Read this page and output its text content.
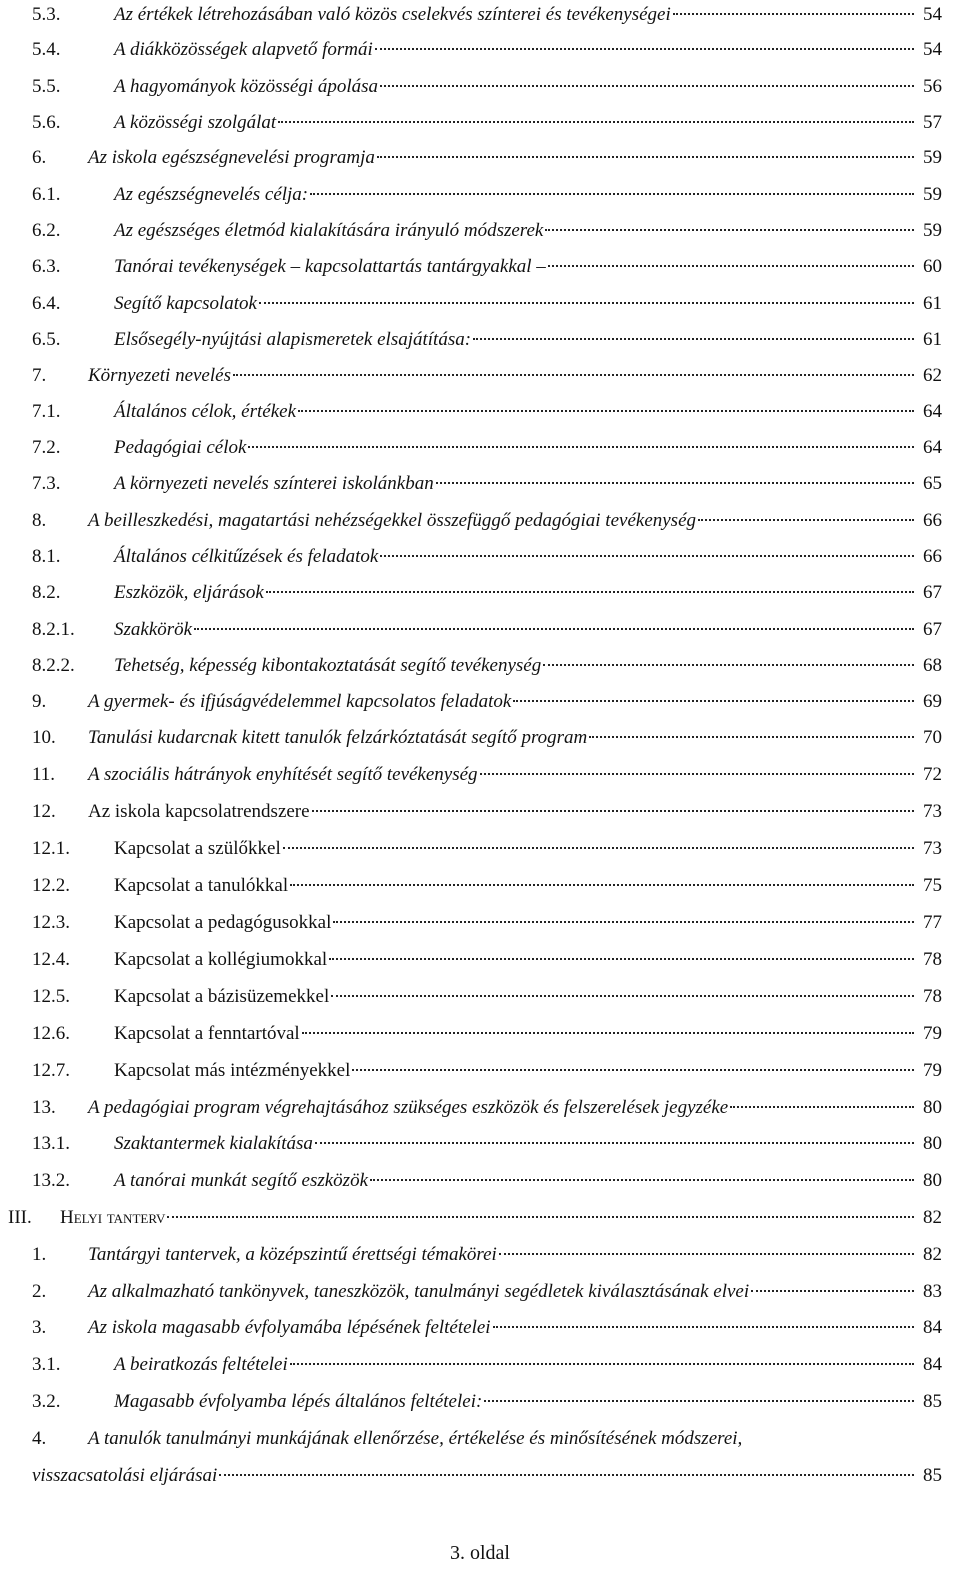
5.3.	Az értékek létrehozásában való közös cselekvés színterei és tevékenységei	54
5.4.	A diákközösségek alapvető formái	54
5.5.	A hagyományok közösségi ápolása	56
5.6.	A közösségi szolgálat	57
6. Az iskola egészségnevelési programja	59
6.1.	Az egészségnevelés célja:	59
6.2.	Az egészséges életmód kialakítására irányuló módszerek	59
6.3.	Tanórai tevékenységek – kapcsolattartás tantárgyakkal –	60
6.4.	Segítő kapcsolatok	61
6.5.	Elsősegély-nyújtási alapismeretek elsajátítása:	61
7. Környezeti nevelés	62
7.1.	Általános célok, értékek	64
7.2.	Pedagógiai célok	64
7.3.	A környezeti nevelés színterei iskolánkban	65
8. A beilleszkedési, magatartási nehézségekkel összefüggő pedagógiai tevékenység	66
8.1.	Általános célkitűzések és feladatok	66
8.2.	Eszközök, eljárások	67
8.2.1. Szakkörök	67
8.2.2. Tehetség, képesség kibontakoztatását segítő tevékenység	68
9. A gyermek- és ifjúságvédelemmel kapcsolatos feladatok	69
10. Tanulási kudarcnak kitett tanulók felzárkóztatását segítő program	70
11. A szociális hátrányok enyhítését segítő tevékenység	72
12. Az iskola kapcsolatrendszere	73
12.1. Kapcsolat a szülőkkel	73
12.2. Kapcsolat a tanulókkal	75
12.3. Kapcsolat a pedagógusokkal	77
12.4. Kapcsolat a kollégiumokkal	78
12.5. Kapcsolat a bázisüzemekkel	78
12.6. Kapcsolat a fenntartóval	79
12.7. Kapcsolat más intézményekkel	79
13. A pedagógiai program végrehajtásához szükséges eszközök és felszerelések jegyzéke	80
13.1. Szaktantermek kialakítása	80
13.2. A tanórai munkát segítő eszközök	80
III. Helyi tanterv	82
1. Tantárgyi tantervek, a középszintű érettségi témakörei	82
2. Az alkalmazható tankönyvek, taneszközök, tanulmányi segédletek kiválasztásának elvei	83
3. Az iskola magasabb évfolyamába lépésének feltételei	84
3.1.	A beiratkozás feltételei	84
3.2.	Magasabb évfolyamba lépés általános feltételei:	85
4. A tanulók tanulmányi munkájának ellenőrzése, értékelése és minősítésének módszerei,
visszacsatolási eljárásai	85
3. oldal
